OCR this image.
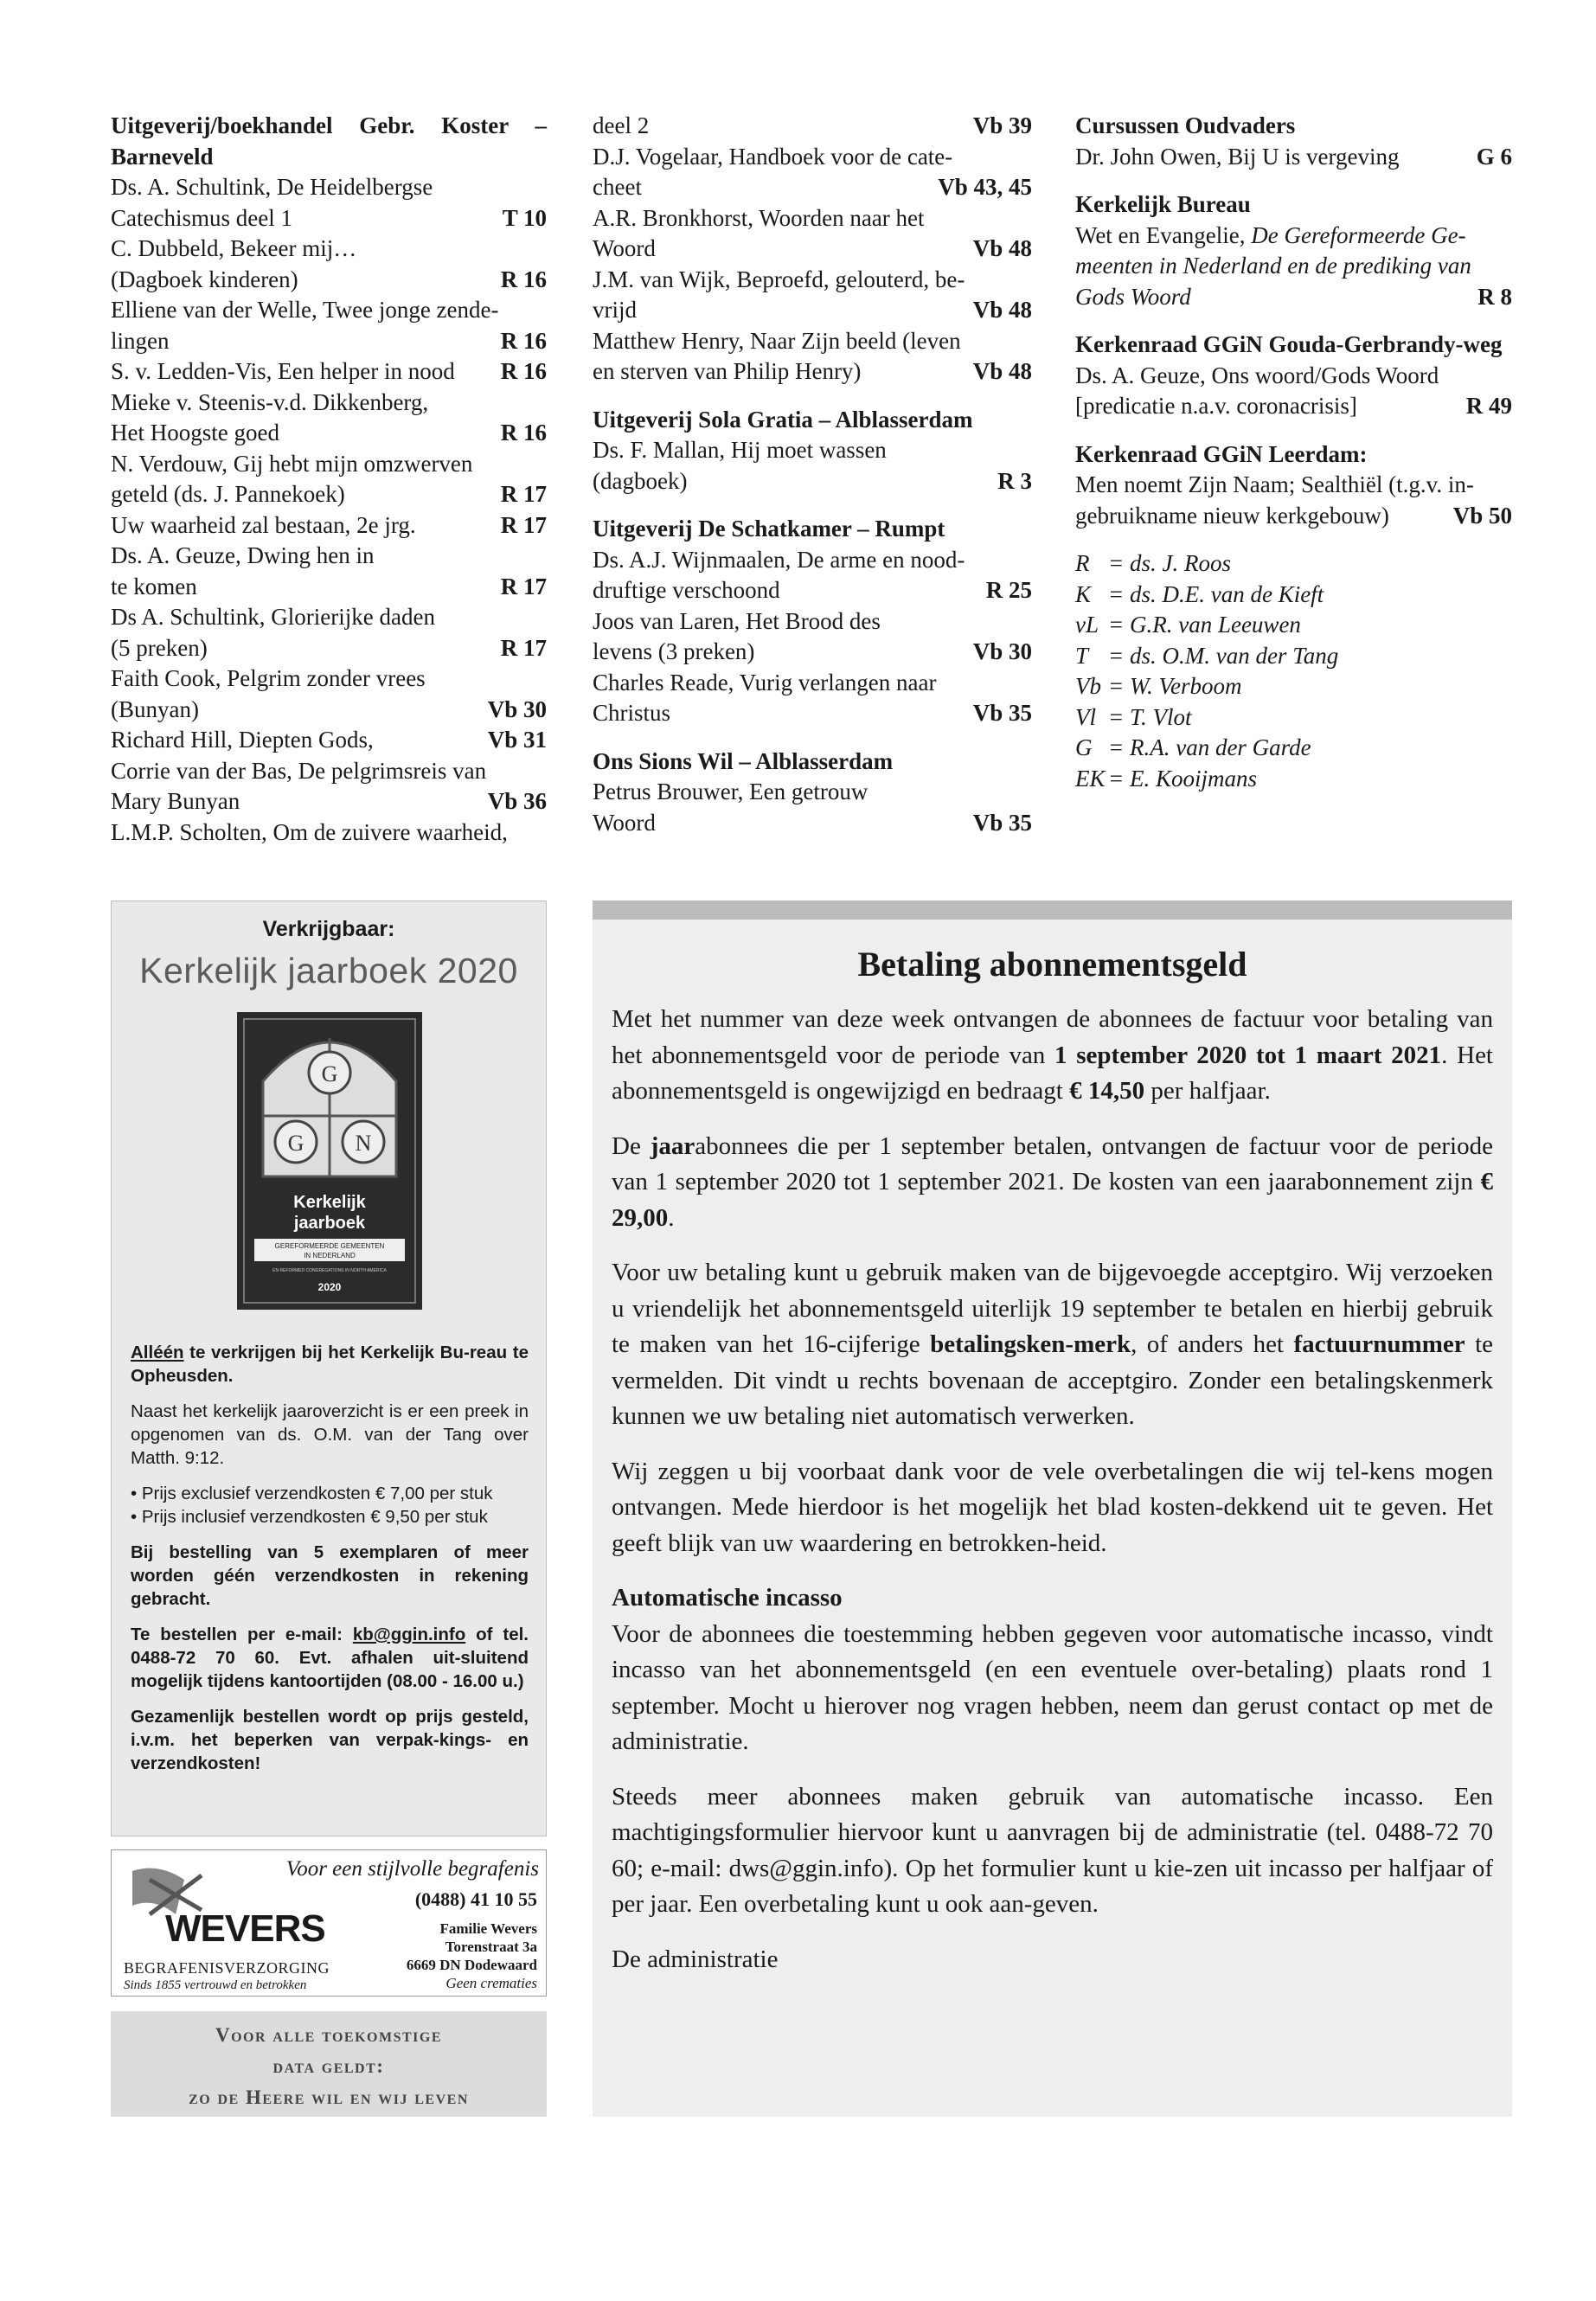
Uitgeverij/boekhandel Gebr. Koster – Barneveld

Ds. A. Schultink, De Heidelbergse
Catechismus deel 1	T 10
C. Dubbeld, Bekeer mij…
(Dagboek kinderen)	R 16
Elliene van der Welle, Twee jonge zende-
lingen	R 16
S. v. Ledden-Vis, Een helper in nood R 16
Mieke v. Steenis-v.d. Dikkenberg,
Het Hoogste goed	R 16
N. Verdouw, Gij hebt mijn omzwerven
geteld (ds. J. Pannekoek)	R 17
Uw waarheid zal bestaan, 2e jrg.	R 17
Ds. A. Geuze, Dwing hen in
te komen	R 17
Ds A. Schultink, Glorierijke daden
(5 preken)	R 17
Faith Cook, Pelgrim zonder vrees
(Bunyan)	Vb 30
Richard Hill, Diepten Gods,	Vb 31
Corrie van der Bas, De pelgrimsreis van
Mary Bunyan	Vb 36
L.M.P. Scholten, Om de zuivere waarheid,
deel 2	Vb 39
D.J. Vogelaar, Handboek voor de cate-
cheet	Vb 43, 45
A.R. Bronkhorst, Woorden naar het
Woord	Vb 48
J.M. van Wijk, Beproefd, gelouterd, be-
vrijd	Vb 48
Matthew Henry, Naar Zijn beeld (leven
en sterven van Philip Henry)	Vb 48

Uitgeverij Sola Gratia – Alblasserdam

Ds. F. Mallan, Hij moet wassen
(dagboek)	R 3

Uitgeverij De Schatkamer – Rumpt

Ds. A.J. Wijnmaalen, De arme en nood-
druftige verschoond	R 25
Joos van Laren, Het Brood des
levens (3 preken)	Vb 30
Charles Reade, Vurig verlangen naar
Christus	Vb 35

Ons Sions Wil – Alblasserdam

Petrus Brouwer, Een getrouw
Woord	Vb 35

Cursussen Oudvaders

Dr. John Owen, Bij U is vergeving	G 6

Kerkelijk Bureau

Wet en Evangelie, De Gereformeerde Ge-
meenten in Nederland en de prediking van
Gods Woord	R 8

Kerkenraad GGiN Gouda-Gerbrandy-weg

Ds. A. Geuze, Ons woord/Gods Woord
[predicatie n.a.v. coronacrisis]	R 49

Kerkenraad GGiN Leerdam:

Men noemt Zijn Naam; Sealthiël (t.g.v. in-
gebruikname nieuw kerkgebouw)	Vb 50
R = ds. J. Roos
K = ds. D.E. van de Kieft
vL = G.R. van Leeuwen
T = ds. O.M. van der Tang
Vb = W. Verboom
Vl = T. Vlot
G = R.A. van der Garde
EK = E. Kooijmans
Verkrijgbaar:
Kerkelijk jaarboek 2020
G
G N
Kerkelijk
jaarboek
GEREFORMEERDE GEMEENTEN
IN NEDERLAND
EN REFORMED CONGREGATIONS IN NORTH AMERICA
2020

Alléén te verkrijgen bij het Kerkelijk Bu-reau te Opheusden.

Naast het kerkelijk jaaroverzicht is er een preek in opgenomen van ds. O.M. van der Tang over Matth. 9:12.

• Prijs exclusief verzendkosten € 7,00 per stuk
• Prijs inclusief verzendkosten € 9,50 per stuk

Bij bestelling van 5 exemplaren of meer worden géén verzendkosten in rekening gebracht.

Te bestellen per e-mail: kb@ggin.info of tel. 0488-72 70 60. Evt. afhalen uit-sluitend mogelijk tijdens kantoortijden (08.00 - 16.00 u.)

Gezamenlijk bestellen wordt op prijs gesteld, i.v.m. het beperken van verpak-kings- en verzendkosten!

Voor een stijlvolle begrafenis
(0488) 41 10 55
Familie Wevers
Torenstraat 3a
6669 DN Dodewaard
Geen crematies
WEVERS
BEGRAFENISVERZORGING
Sinds 1855 vertrouwd en betrokken
Voor alle toekomstige
data geldt:
zo de Heere wil en wij leven
Betaling abonnementsgeld

Met het nummer van deze week ontvangen de abonnees de factuur voor betaling van het abonnementsgeld voor de periode van 1 september 2020 tot 1 maart 2021. Het abonnementsgeld is ongewijzigd en bedraagt € 14,50 per halfjaar.

De jaarabonnees die per 1 september betalen, ontvangen de factuur voor de periode van 1 september 2020 tot 1 september 2021. De kosten van een jaarabonnement zijn € 29,00.

Voor uw betaling kunt u gebruik maken van de bijgevoegde acceptgiro. Wij verzoeken u vriendelijk het abonnementsgeld uiterlijk 19 september te betalen en hierbij gebruik te maken van het 16-cijferige betalingsken-merk, of anders het factuurnummer te vermelden. Dit vindt u rechts bovenaan de acceptgiro. Zonder een betalingskenmerk kunnen we uw betaling niet automatisch verwerken.

Wij zeggen u bij voorbaat dank voor de vele overbetalingen die wij tel-kens mogen ontvangen. Mede hierdoor is het mogelijk het blad kosten-dekkend uit te geven. Het geeft blijk van uw waardering en betrokken-heid.

Automatische incasso

Voor de abonnees die toestemming hebben gegeven voor automatische incasso, vindt incasso van het abonnementsgeld (en een eventuele over-betaling) plaats rond 1 september. Mocht u hierover nog vragen hebben, neem dan gerust contact op met de administratie.

Steeds meer abonnees maken gebruik van automatische incasso. Een machtigingsformulier hiervoor kunt u aanvragen bij de administratie (tel. 0488-72 70 60; e-mail: dws@ggin.info). Op het formulier kunt u kie-zen uit incasso per halfjaar of per jaar. Een overbetaling kunt u ook aan-geven.

De administratie
